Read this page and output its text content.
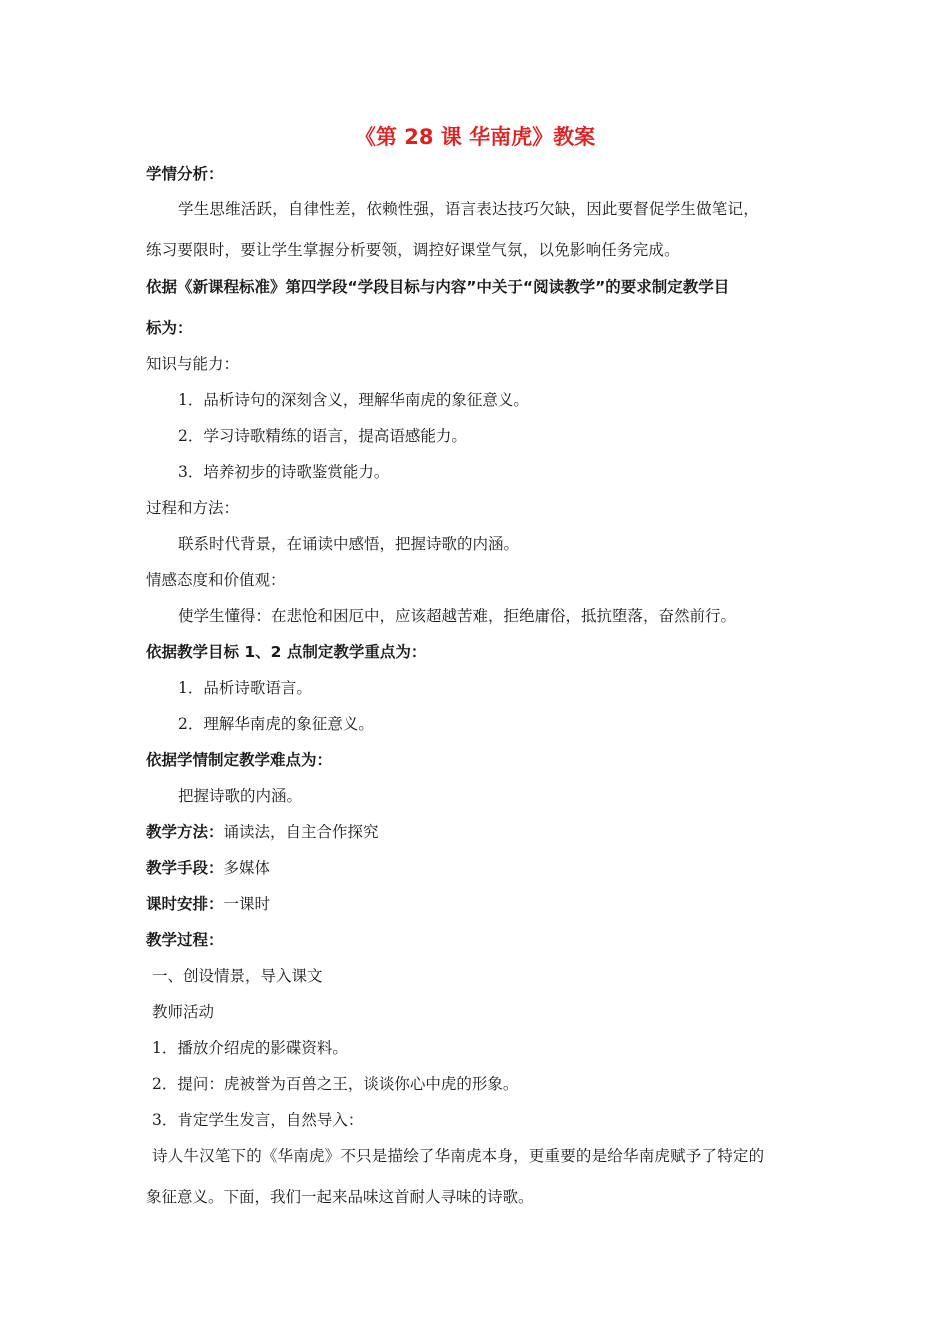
《第 28 课 华南虎》教案
学情分析：
学生思维活跃，自律性差，依赖性强，语言表达技巧欠缺，因此要督促学生做笔记，
练习要限时，要让学生掌握分析要领，调控好课堂气氛，以免影响任务完成。
依据《新课程标准》第四学段“学段目标与内容”中关于“阅读教学”的要求制定教学目
标为：
知识与能力：
1．品析诗句的深刻含义，理解华南虎的象征意义。
2．学习诗歌精练的语言，提高语感能力。
3．培养初步的诗歌鉴赏能力。
过程和方法：
联系时代背景，在诵读中感悟，把握诗歌的内涵。
情感态度和价值观：
使学生懂得：在悲怆和困厄中，应该超越苦难，拒绝庸俗，抵抗堕落，奋然前行。
依据教学目标 1、2 点制定教学重点为：
1．品析诗歌语言。
2．理解华南虎的象征意义。
依据学情制定教学难点为：
把握诗歌的内涵。
教学方法：诵读法，自主合作探究
教学手段：多媒体
课时安排：一课时
教学过程：
一、创设情景，导入课文
教师活动
1．播放介绍虎的影碟资料。
2．提问：虎被誉为百兽之王，谈谈你心中虎的形象。
3．肯定学生发言，自然导入：
诗人牛汉笔下的《华南虎》不只是描绘了华南虎本身，更重要的是给华南虎赋予了特定的
象征意义。下面，我们一起来品味这首耐人寻味的诗歌。
